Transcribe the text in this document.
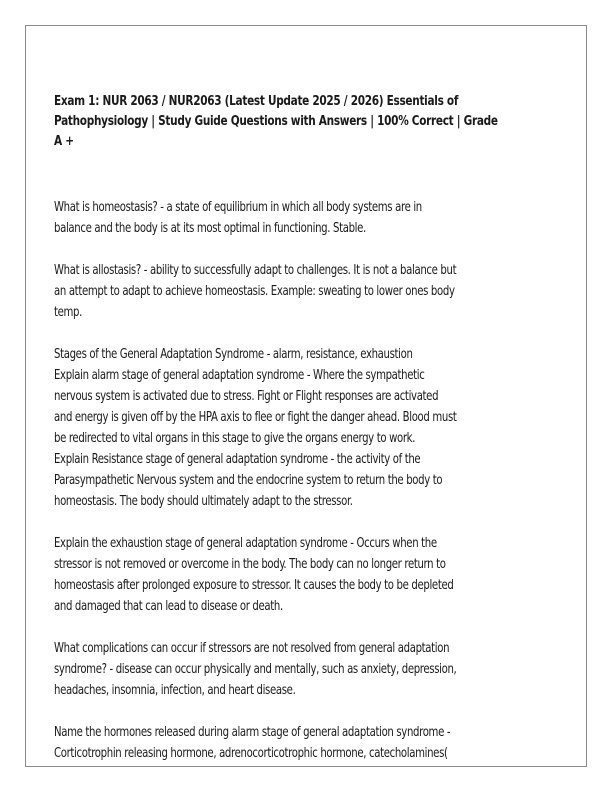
Exam 1: NUR 2063 / NUR2063 (Latest Update 2025 / 2026) Essentials of
Pathophysiology | Study Guide Questions with Answers | 100% Correct | Grade
A +

What is homeostasis? - a state of equilibrium in which all body systems are in
balance and the body is at its most optimal in functioning. Stable.

What is allostasis? - ability to successfully adapt to challenges. It is not a balance but
an attempt to adapt to achieve homeostasis. Example: sweating to lower ones body
temp.

Stages of the General Adaptation Syndrome - alarm, resistance, exhaustion
Explain alarm stage of general adaptation syndrome - Where the sympathetic
nervous system is activated due to stress. Fight or Flight responses are activated
and energy is given off by the HPA axis to flee or fight the danger ahead. Blood must
be redirected to vital organs in this stage to give the organs energy to work.
Explain Resistance stage of general adaptation syndrome - the activity of the
Parasympathetic Nervous system and the endocrine system to return the body to
homeostasis. The body should ultimately adapt to the stressor.

Explain the exhaustion stage of general adaptation syndrome - Occurs when the
stressor is not removed or overcome in the body. The body can no longer return to
homeostasis after prolonged exposure to stressor. It causes the body to be depleted
and damaged that can lead to disease or death.

What complications can occur if stressors are not resolved from general adaptation
syndrome? - disease can occur physically and mentally, such as anxiety, depression,
headaches, insomnia, infection, and heart disease.

Name the hormones released during alarm stage of general adaptation syndrome -
Corticotrophin releasing hormone, adrenocorticotrophic hormone, catecholamines(
